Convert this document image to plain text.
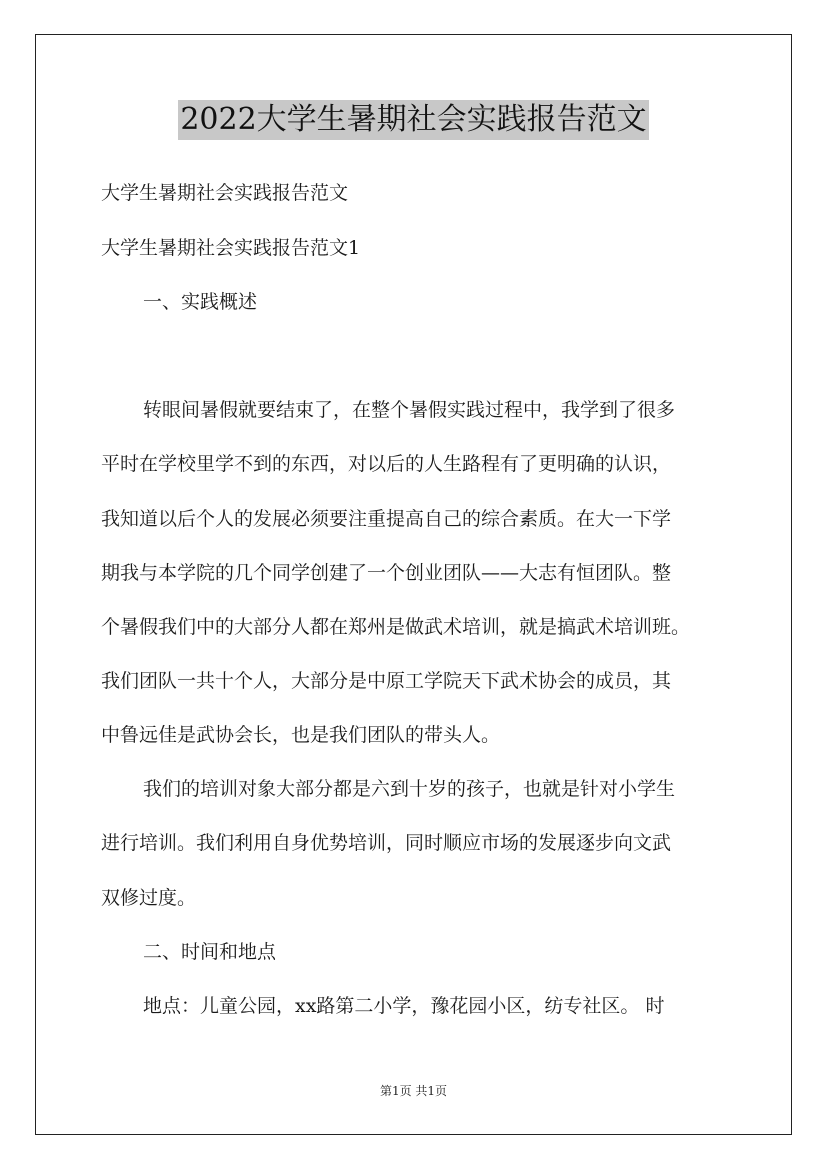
2022大学生暑期社会实践报告范文
大学生暑期社会实践报告范文
大学生暑期社会实践报告范文1
一、实践概述
转眼间暑假就要结束了，在整个暑假实践过程中，我学到了很多
平时在学校里学不到的东西，对以后的人生路程有了更明确的认识，
我知道以后个人的发展必须要注重提高自己的综合素质。在大一下学
期我与本学院的几个同学创建了一个创业团队——大志有恒团队。整
个暑假我们中的大部分人都在郑州是做武术培训，就是搞武术培训班。
我们团队一共十个人，大部分是中原工学院天下武术协会的成员，其
中鲁远佳是武协会长，也是我们团队的带头人。
我们的培训对象大部分都是六到十岁的孩子，也就是针对小学生
进行培训。我们利用自身优势培训，同时顺应市场的发展逐步向文武
双修过度。
二、时间和地点
地点：儿童公园，xx路第二小学，豫花园小区，纺专社区。 时
第1页 共1页
